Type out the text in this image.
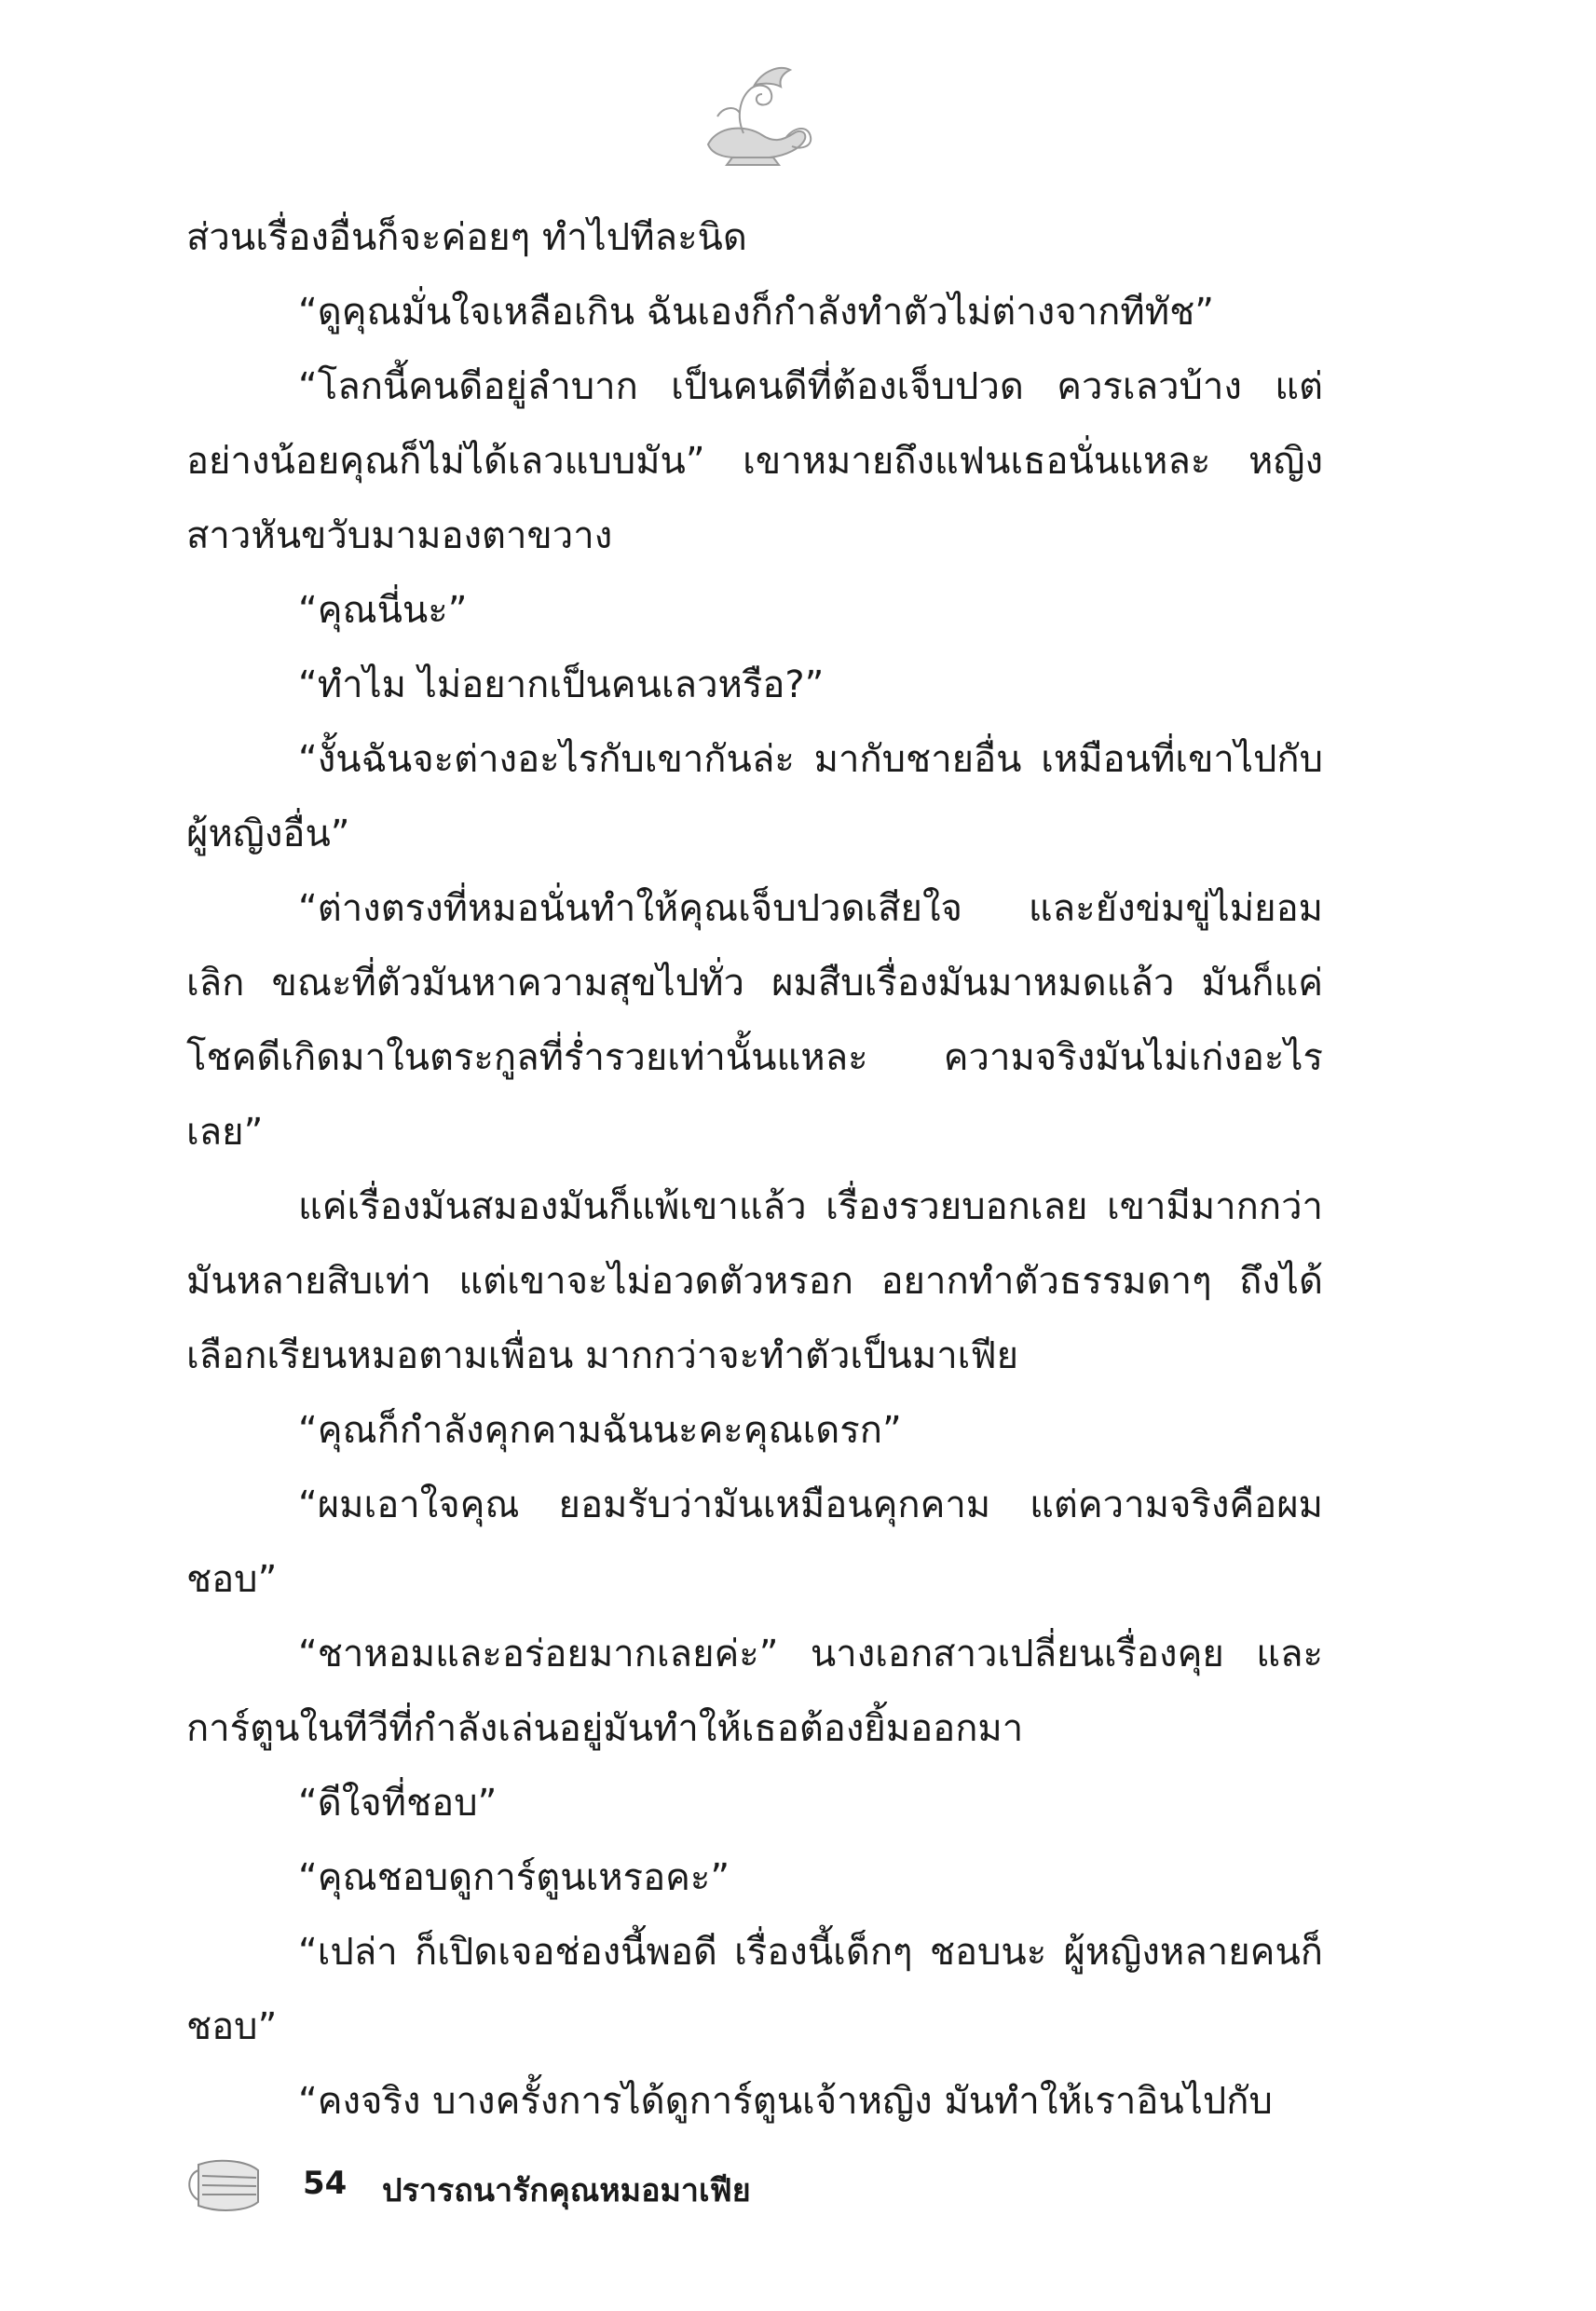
ส่วนเรื่องอื่นก็จะค่อยๆ ทำไปทีละนิด

“ดูคุณมั่นใจเหลือเกิน ฉันเองก็กำลังทำตัวไม่ต่างจากทีทัช”

“โลกนี้คนดีอยู่ลำบาก เป็นคนดีที่ต้องเจ็บปวด ควรเลวบ้าง แต่อย่างน้อยคุณก็ไม่ได้เลวแบบมัน” เขาหมายถึงแฟนเธอนั่นแหละ หญิงสาวหันขวับมามองตาขวาง

“คุณนี่นะ”

“ทำไม ไม่อยากเป็นคนเลวหรือ?”

“งั้นฉันจะต่างอะไรกับเขากันล่ะ มากับชายอื่น เหมือนที่เขาไปกับผู้หญิงอื่น”

“ต่างตรงที่หมอนั่นทำให้คุณเจ็บปวดเสียใจ และยังข่มขู่ไม่ยอมเลิก ขณะที่ตัวมันหาความสุขไปทั่ว ผมสืบเรื่องมันมาหมดแล้ว มันก็แค่โชคดีเกิดมาในตระกูลที่ร่ำรวยเท่านั้นแหละ ความจริงมันไม่เก่งอะไรเลย”

แค่เรื่องมันสมองมันก็แพ้เขาแล้ว เรื่องรวยบอกเลย เขามีมากกว่ามันหลายสิบเท่า แต่เขาจะไม่อวดตัวหรอก อยากทำตัวธรรมดาๆ ถึงได้เลือกเรียนหมอตามเพื่อน มากกว่าจะทำตัวเป็นมาเฟีย

“คุณก็กำลังคุกคามฉันนะคะคุณเดรก”

“ผมเอาใจคุณ ยอมรับว่ามันเหมือนคุกคาม แต่ความจริงคือผมชอบ”

“ชาหอมและอร่อยมากเลยค่ะ” นางเอกสาวเปลี่ยนเรื่องคุย และการ์ตูนในทีวีที่กำลังเล่นอยู่มันทำให้เธอต้องยิ้มออกมา

“ดีใจที่ชอบ”

“คุณชอบดูการ์ตูนเหรอคะ”

“เปล่า ก็เปิดเจอช่องนี้พอดี เรื่องนี้เด็กๆ ชอบนะ ผู้หญิงหลายคนก็ชอบ”

“คงจริง บางครั้งการได้ดูการ์ตูนเจ้าหญิง มันทำให้เราอินไปกับ

54 ปรารถนารักคุณหมอมาเฟีย
